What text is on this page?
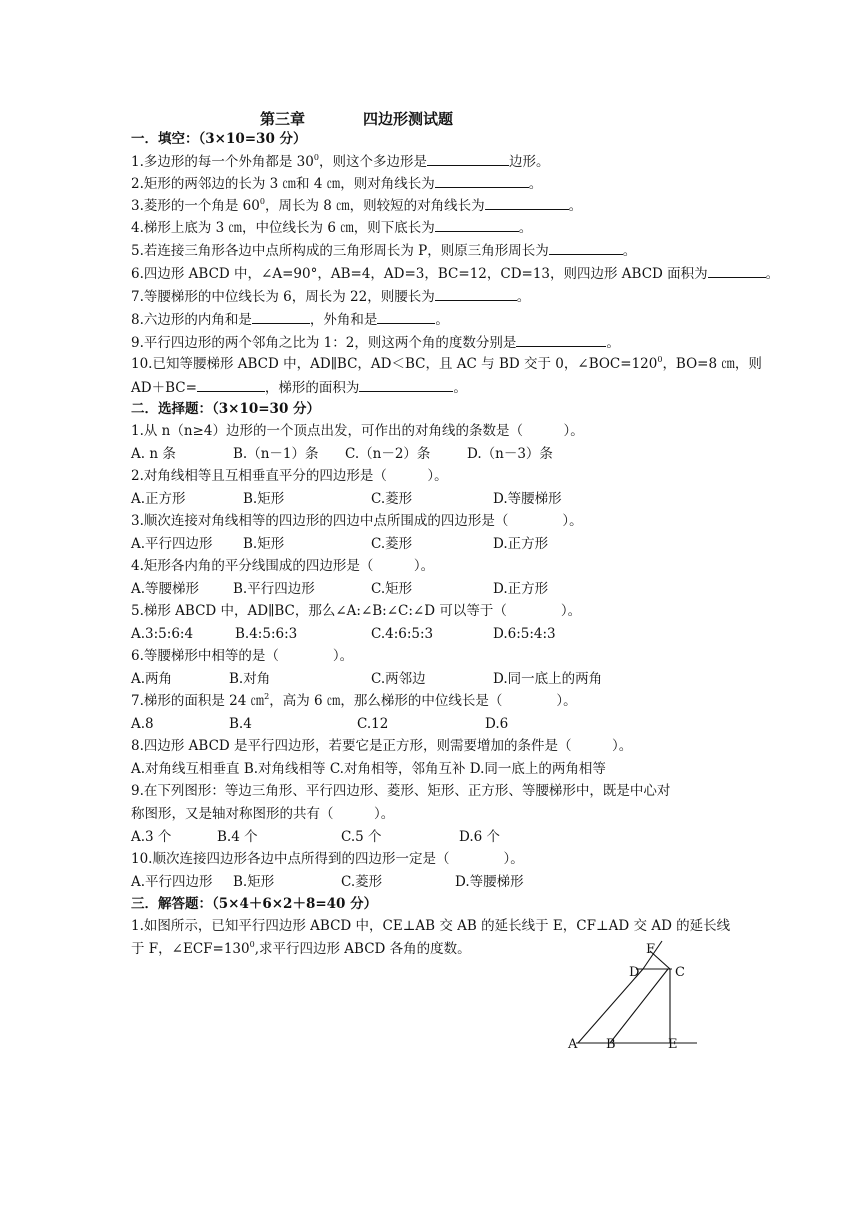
第三章	四边形测试题
一．填空：（3×10=30 分）
1.多边形的每一个外角都是 $30^0$，则这个多边形是	边形。
2.矩形的两邻边的长为 3 ㎝和 4 ㎝，则对角线长为	。
3.菱形的一个角是 $60^0$，周长为 8 ㎝，则较短的对角线长为	。
4.梯形上底为 3 ㎝，中位线长为 6 ㎝，则下底长为	。
5.若连接三角形各边中点所构成的三角形周长为 P，则原三角形周长为	。
6.四边形 ABCD 中，∠A=90°，AB=4，AD=3，BC=12，CD=13，则四边形 ABCD 面积为	。
7.等腰梯形的中位线长为 6，周长为 22，则腰长为	。
8.六边形的内角和是	，外角和是	。
9.平行四边形的两个邻角之比为 1：2，则这两个角的度数分别是	。
10.已知等腰梯形 ABCD 中，AD∥BC，AD＜BC，且 AC 与 BD 交于 0，$\angle BOC=120^0$，BO=8 ㎝，则
AD＋BC=	，梯形的面积为	。
二．选择题：（3×10=30 分）
1.从 n（n≥4）边形的一个顶点出发，可作出的对角线的条数是（　　　）。
A. n 条	B.（n－1）条 C.（n－2）条	D.（n－3）条
2.对角线相等且互相垂直平分的四边形是（　　　）。
A.正方形	B.矩形	C.菱形	D.等腰梯形
3.顺次连接对角线相等的四边形的四边中点所围成的四边形是（　　　　）。
A.平行四边形 B.矩形	C.菱形	D.正方形
4.矩形各内角的平分线围成的四边形是（　　　）。
A.等腰梯形	B.平行四边形	C.矩形	D.正方形
5.梯形 ABCD 中，AD∥BC，那么∠A:∠B:∠C:∠D 可以等于（　　　　）。
A.3:5:6:4	B.4:5:6:3	C.4:6:5:3	D.6:5:4:3
6.等腰梯形中相等的是（　　　　）。
A.两角	B.对角	C.两邻边	D.同一底上的两角
7.梯形的面积是 24 ㎝$^2$，高为 6 ㎝，那么梯形的中位线长是（　　　　）。
A.8	B.4	C.12	D.6
8.四边形 ABCD 是平行四边形，若要它是正方形，则需要增加的条件是（　　　）。
A.对角线互相垂直 B.对角线相等 C.对角相等，邻角互补 D.同一底上的两角相等
9.在下列图形：等边三角形、平行四边形、菱形、矩形、正方形、等腰梯形中，既是中心对
称图形，又是轴对称图形的共有（　　　）。
A.3 个	B.4 个	C.5 个	D.6 个
10.顺次连接四边形各边中点所得到的四边形一定是（　　　　）。
A.平行四边形 B.矩形	C.菱形	D.等腰梯形
三．解答题：（5×4＋6×2＋8=40 分）
1.如图所示，已知平行四边形 ABCD 中，CE⊥AB 交 AB 的延长线于 E，CF⊥AD 交 AD 的延长线
于 F，$\angle ECF=130^0$,求平行四边形 ABCD 各角的度数。
A B	E
D	C
F
